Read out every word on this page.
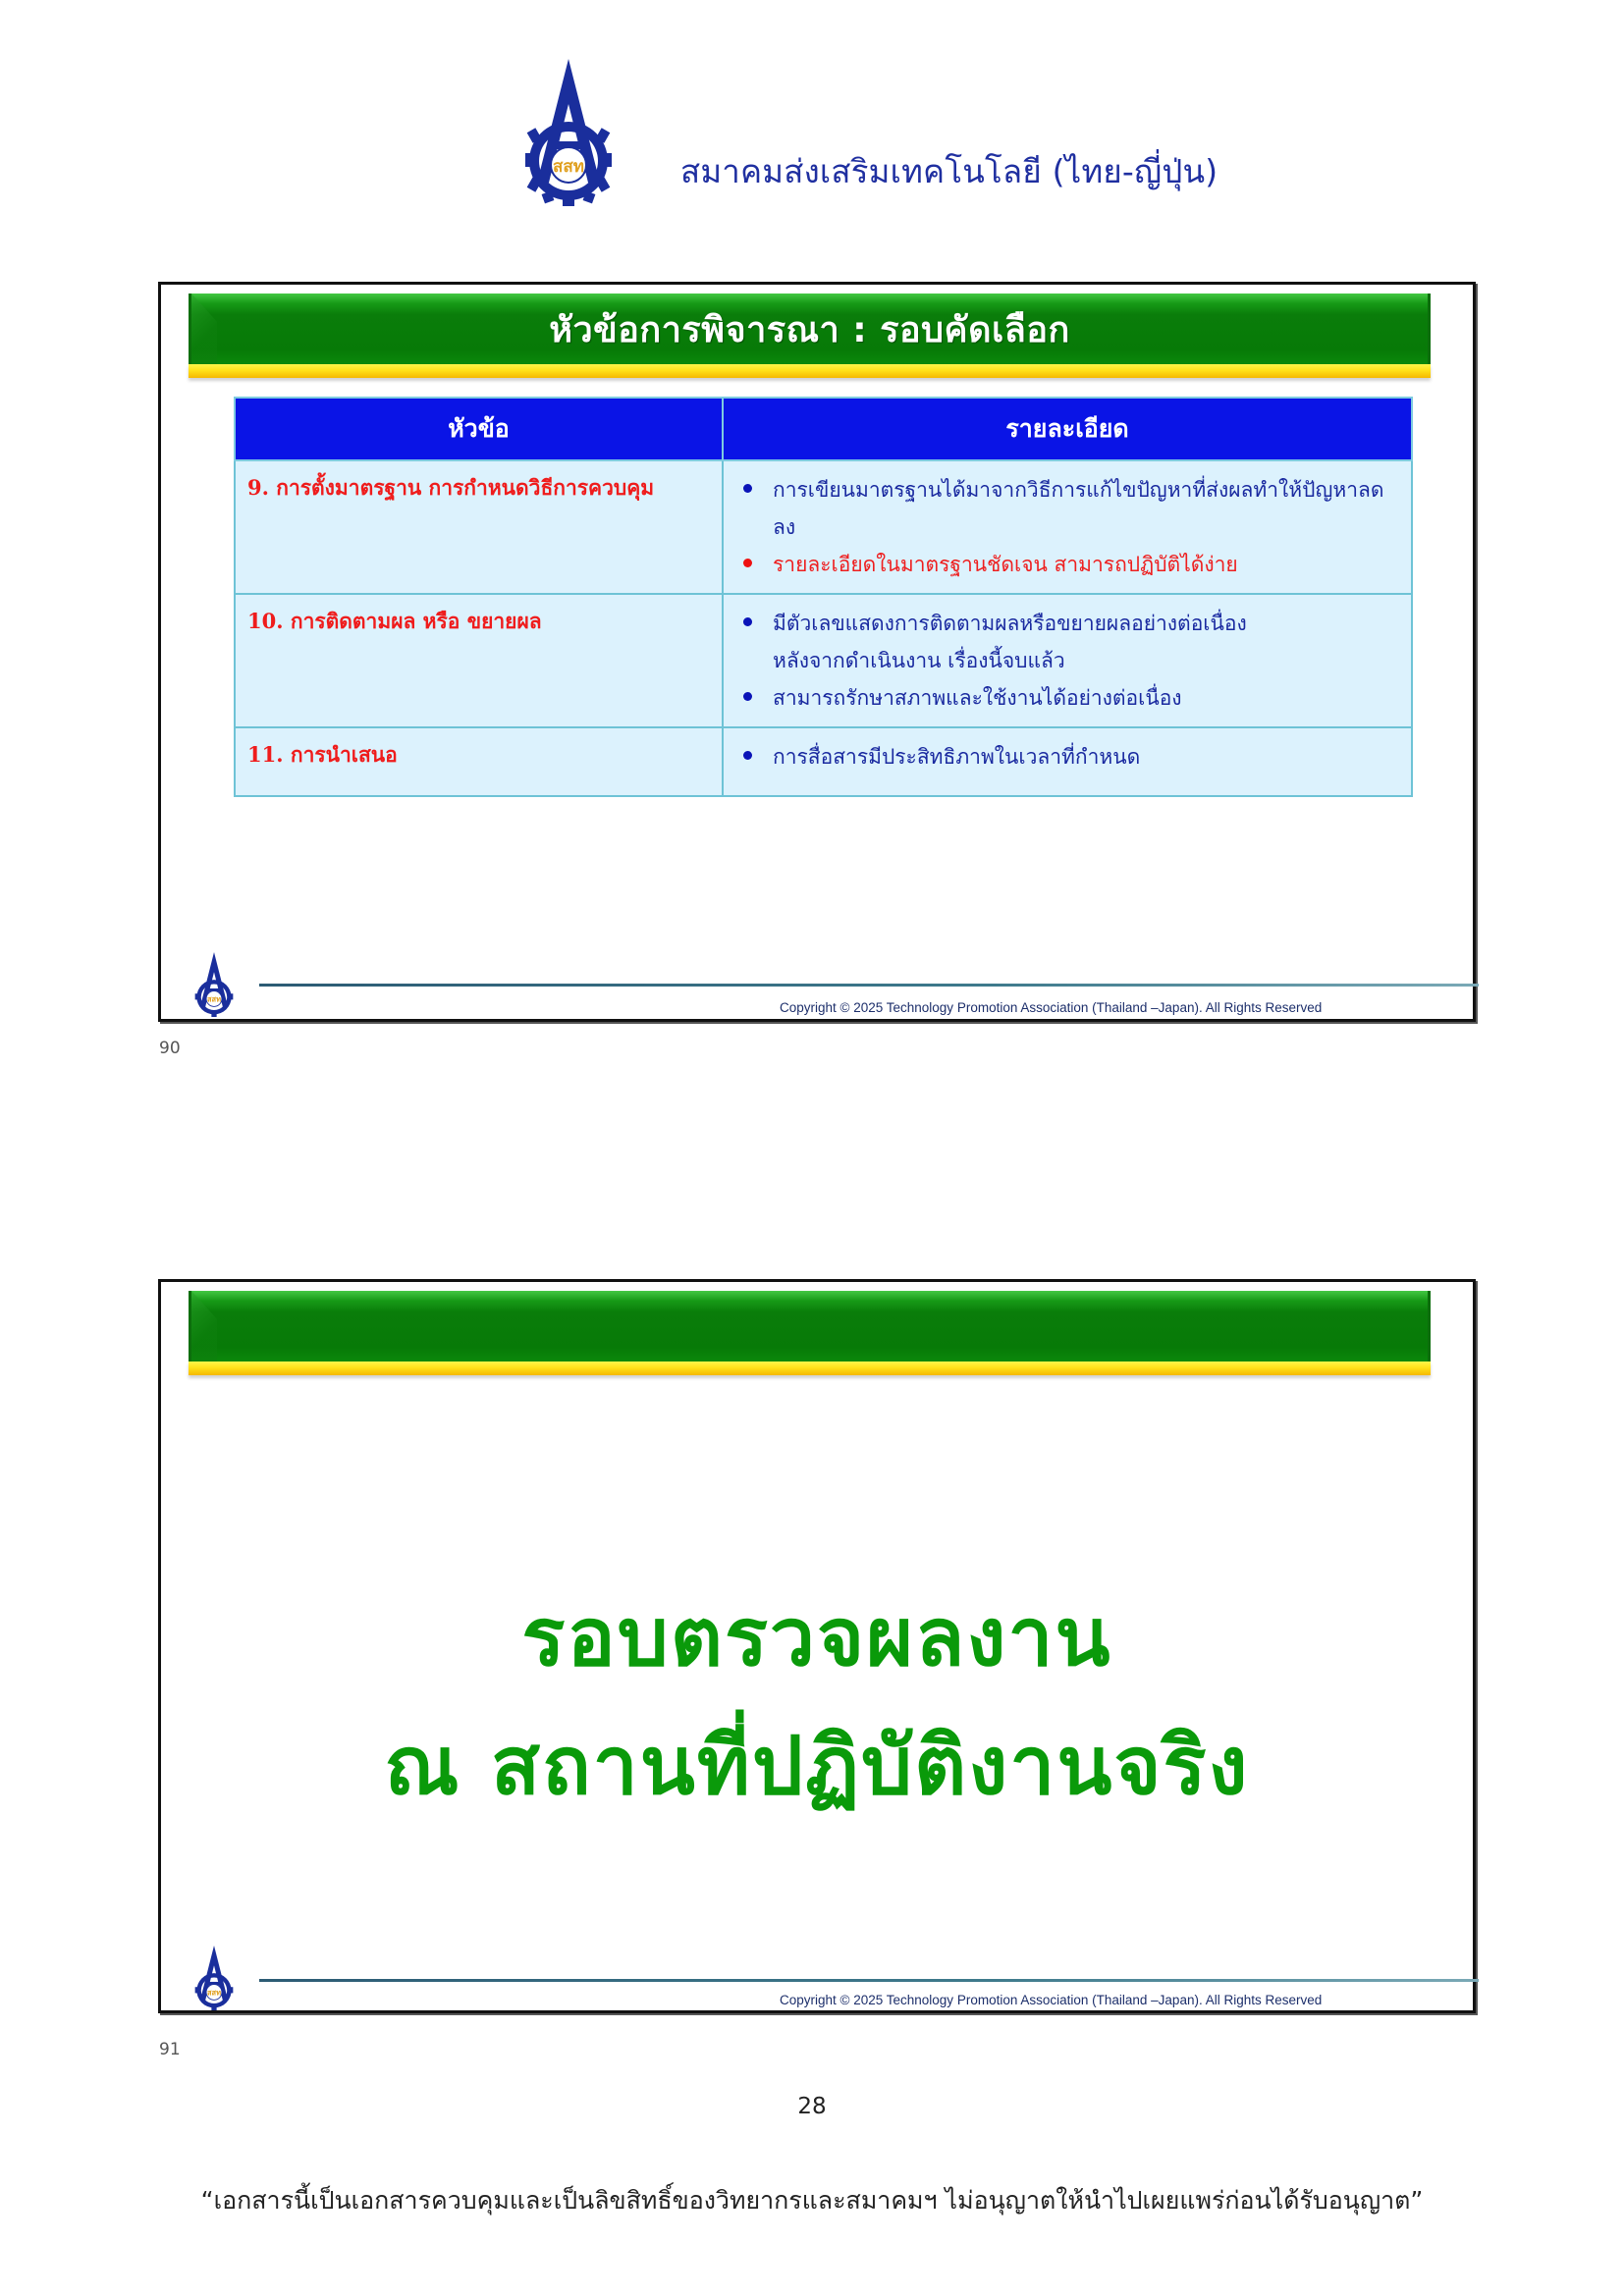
สสท	สมาคมส่งเสริมเทคโนโลยี (ไทย-ญี่ปุ่น)
หัวข้อการพิจารณา : รอบคัดเลือก
หัวข้อ	รายละเอียด

9. การตั้งมาตรฐาน การกำหนดวิธีการควบคุม	การเขียนมาตรฐานได้มาจากวิธีการแก้ไขปัญหาที่ส่งผลทำให้ปัญหาลดลง
รายละเอียดในมาตรฐานชัดเจน สามารถปฏิบัติได้ง่าย

10. การติดตามผล หรือ ขยายผล	มีตัวเลขแสดงการติดตามผลหรือขยายผลอย่างต่อเนื่อง หลังจากดำเนินงาน เรื่องนี้จบแล้ว
สามารถรักษาสภาพและใช้งานได้อย่างต่อเนื่อง

11. การนำเสนอ	การสื่อสารมีประสิทธิภาพในเวลาที่กำหนด
สสท
Copyright © 2025 Technology Promotion Association (Thailand –Japan). All Rights Reserved
90
รอบตรวจผลงาน
ณ สถานที่ปฏิบัติงานจริง
สสท	Copyright © 2025 Technology Promotion Association (Thailand –Japan). All Rights Reserved
91
28
“เอกสารนี้เป็นเอกสารควบคุมและเป็นลิขสิทธิ์ของวิทยากรและสมาคมฯ ไม่อนุญาตให้นำไปเผยแพร่ก่อนได้รับอนุญาต”
